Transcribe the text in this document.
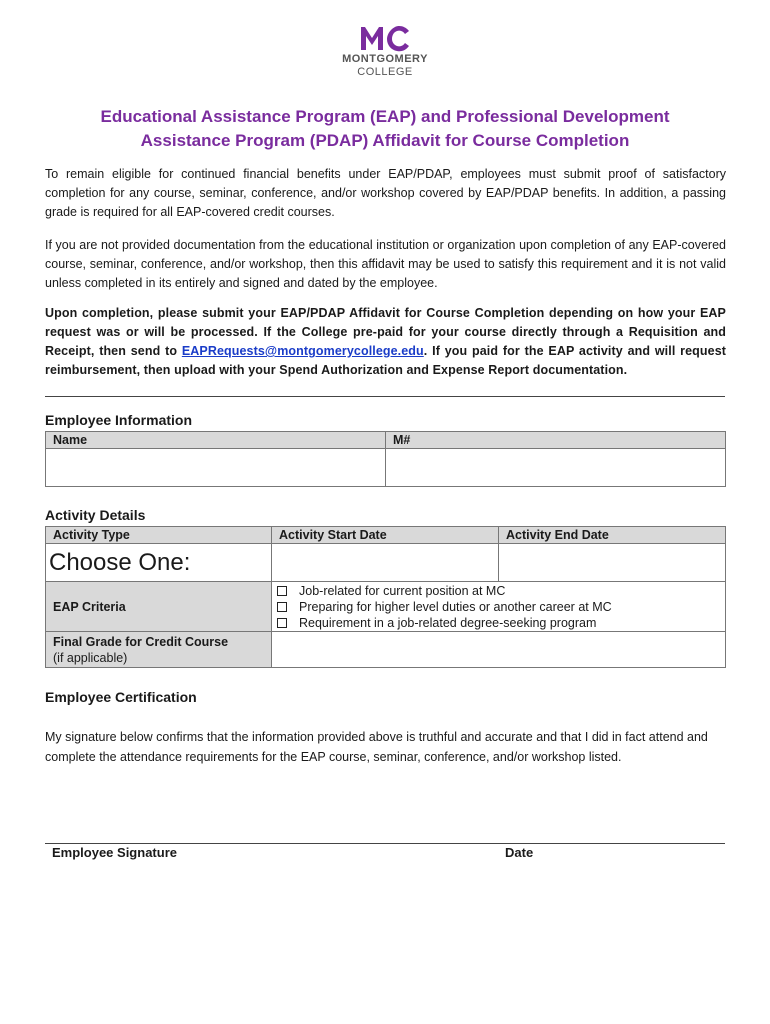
MONTGOMERY
COLLEGE
Educational Assistance Program (EAP) and Professional Development
Assistance Program (PDAP) Affidavit for Course Completion

To remain eligible for continued financial benefits under EAP/PDAP, employees must submit proof of satisfactory completion for any course, seminar, conference, and/or workshop covered by EAP/PDAP benefits. In addition, a passing grade is required for all EAP-covered credit courses.

If you are not provided documentation from the educational institution or organization upon completion of any EAP-covered course, seminar, conference, and/or workshop, then this affidavit may be used to satisfy this requirement and it is not valid unless completed in its entirely and signed and dated by the employee.

Upon completion, please submit your EAP/PDAP Affidavit for Course Completion depending on how your EAP request was or will be processed. If the College pre-paid for your course directly through a Requisition and Receipt, then send to EAPRequests@montgomerycollege.edu. If you paid for the EAP activity and will request reimbursement, then upload with your Spend Authorization and Expense Report documentation.

Employee Information
Name	M#

Activity Details
Activity Type	Activity Start Date	Activity End Date
Choose One:		
EAP Criteria	Job-related for current position at MC
Preparing for higher level duties or another career at MC
Requirement in a job-related degree-seeking program	

Final Grade for Credit Course
(if applicable)		

Employee Certification

My signature below confirms that the information provided above is truthful and accurate and that I did in fact attend and complete the attendance requirements for the EAP course, seminar, conference, and/or workshop listed.

Employee Signature	Date
